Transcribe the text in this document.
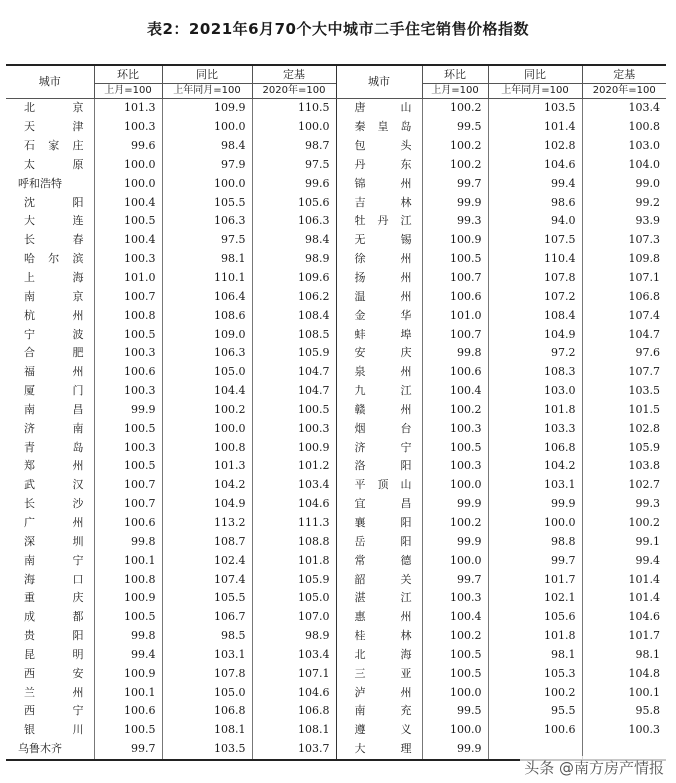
表2：2021年6月70个大中城市二手住宅销售价格指数
城市	环比	同比	定基	城市	环比	同比	定基
	上月=100	上年同月=100	2020年=100		上月=100	上年同月=100	2020年=100
北京	101.3	109.9	110.5	唐山	100.2	103.5	103.4
天津	100.3	100.0	100.0	秦皇岛	99.5	101.4	100.8
石家庄	99.6	98.4	98.7	包头	100.2	102.8	103.0
太原	100.0	97.9	97.5	丹东	100.2	104.6	104.0
呼和浩特	100.0	100.0	99.6	锦州	99.7	99.4	99.0
沈阳	100.4	105.5	105.6	吉林	99.9	98.6	99.2
大连	100.5	106.3	106.3	牡丹江	99.3	94.0	93.9
长春	100.4	97.5	98.4	无锡	100.9	107.5	107.3
哈尔滨	100.3	98.1	98.9	徐州	100.5	110.4	109.8
上海	101.0	110.1	109.6	扬州	100.7	107.8	107.1
南京	100.7	106.4	106.2	温州	100.6	107.2	106.8
杭州	100.8	108.6	108.4	金华	101.0	108.4	107.4
宁波	100.5	109.0	108.5	蚌埠	100.7	104.9	104.7
合肥	100.3	106.3	105.9	安庆	99.8	97.2	97.6
福州	100.6	105.0	104.7	泉州	100.6	108.3	107.7
厦门	100.3	104.4	104.7	九江	100.4	103.0	103.5
南昌	99.9	100.2	100.5	赣州	100.2	101.8	101.5
济南	100.5	100.0	100.3	烟台	100.3	103.3	102.8
青岛	100.3	100.8	100.9	济宁	100.5	106.8	105.9
郑州	100.5	101.3	101.2	洛阳	100.3	104.2	103.8
武汉	100.7	104.2	103.4	平顶山	100.0	103.1	102.7
长沙	100.7	104.9	104.6	宜昌	99.9	99.9	99.3
广州	100.6	113.2	111.3	襄阳	100.2	100.0	100.2
深圳	99.8	108.7	108.8	岳阳	99.9	98.8	99.1
南宁	100.1	102.4	101.8	常德	100.0	99.7	99.4
海口	100.8	107.4	105.9	韶关	99.7	101.7	101.4
重庆	100.9	105.5	105.0	湛江	100.3	102.1	101.4
成都	100.5	106.7	107.0	惠州	100.4	105.6	104.6
贵阳	99.8	98.5	98.9	桂林	100.2	101.8	101.7
昆明	99.4	103.1	103.4	北海	100.5	98.1	98.1
西安	100.9	107.8	107.1	三亚	100.5	105.3	104.8
兰州	100.1	105.0	104.6	泸州	100.0	100.2	100.1
西宁	100.6	106.8	106.8	南充	99.5	95.5	95.8
银川	100.5	108.1	108.1	遵义	100.0	100.6	100.3
乌鲁木齐	99.7	103.5	103.7	大理	99.9		
头条 @南方房产情报
